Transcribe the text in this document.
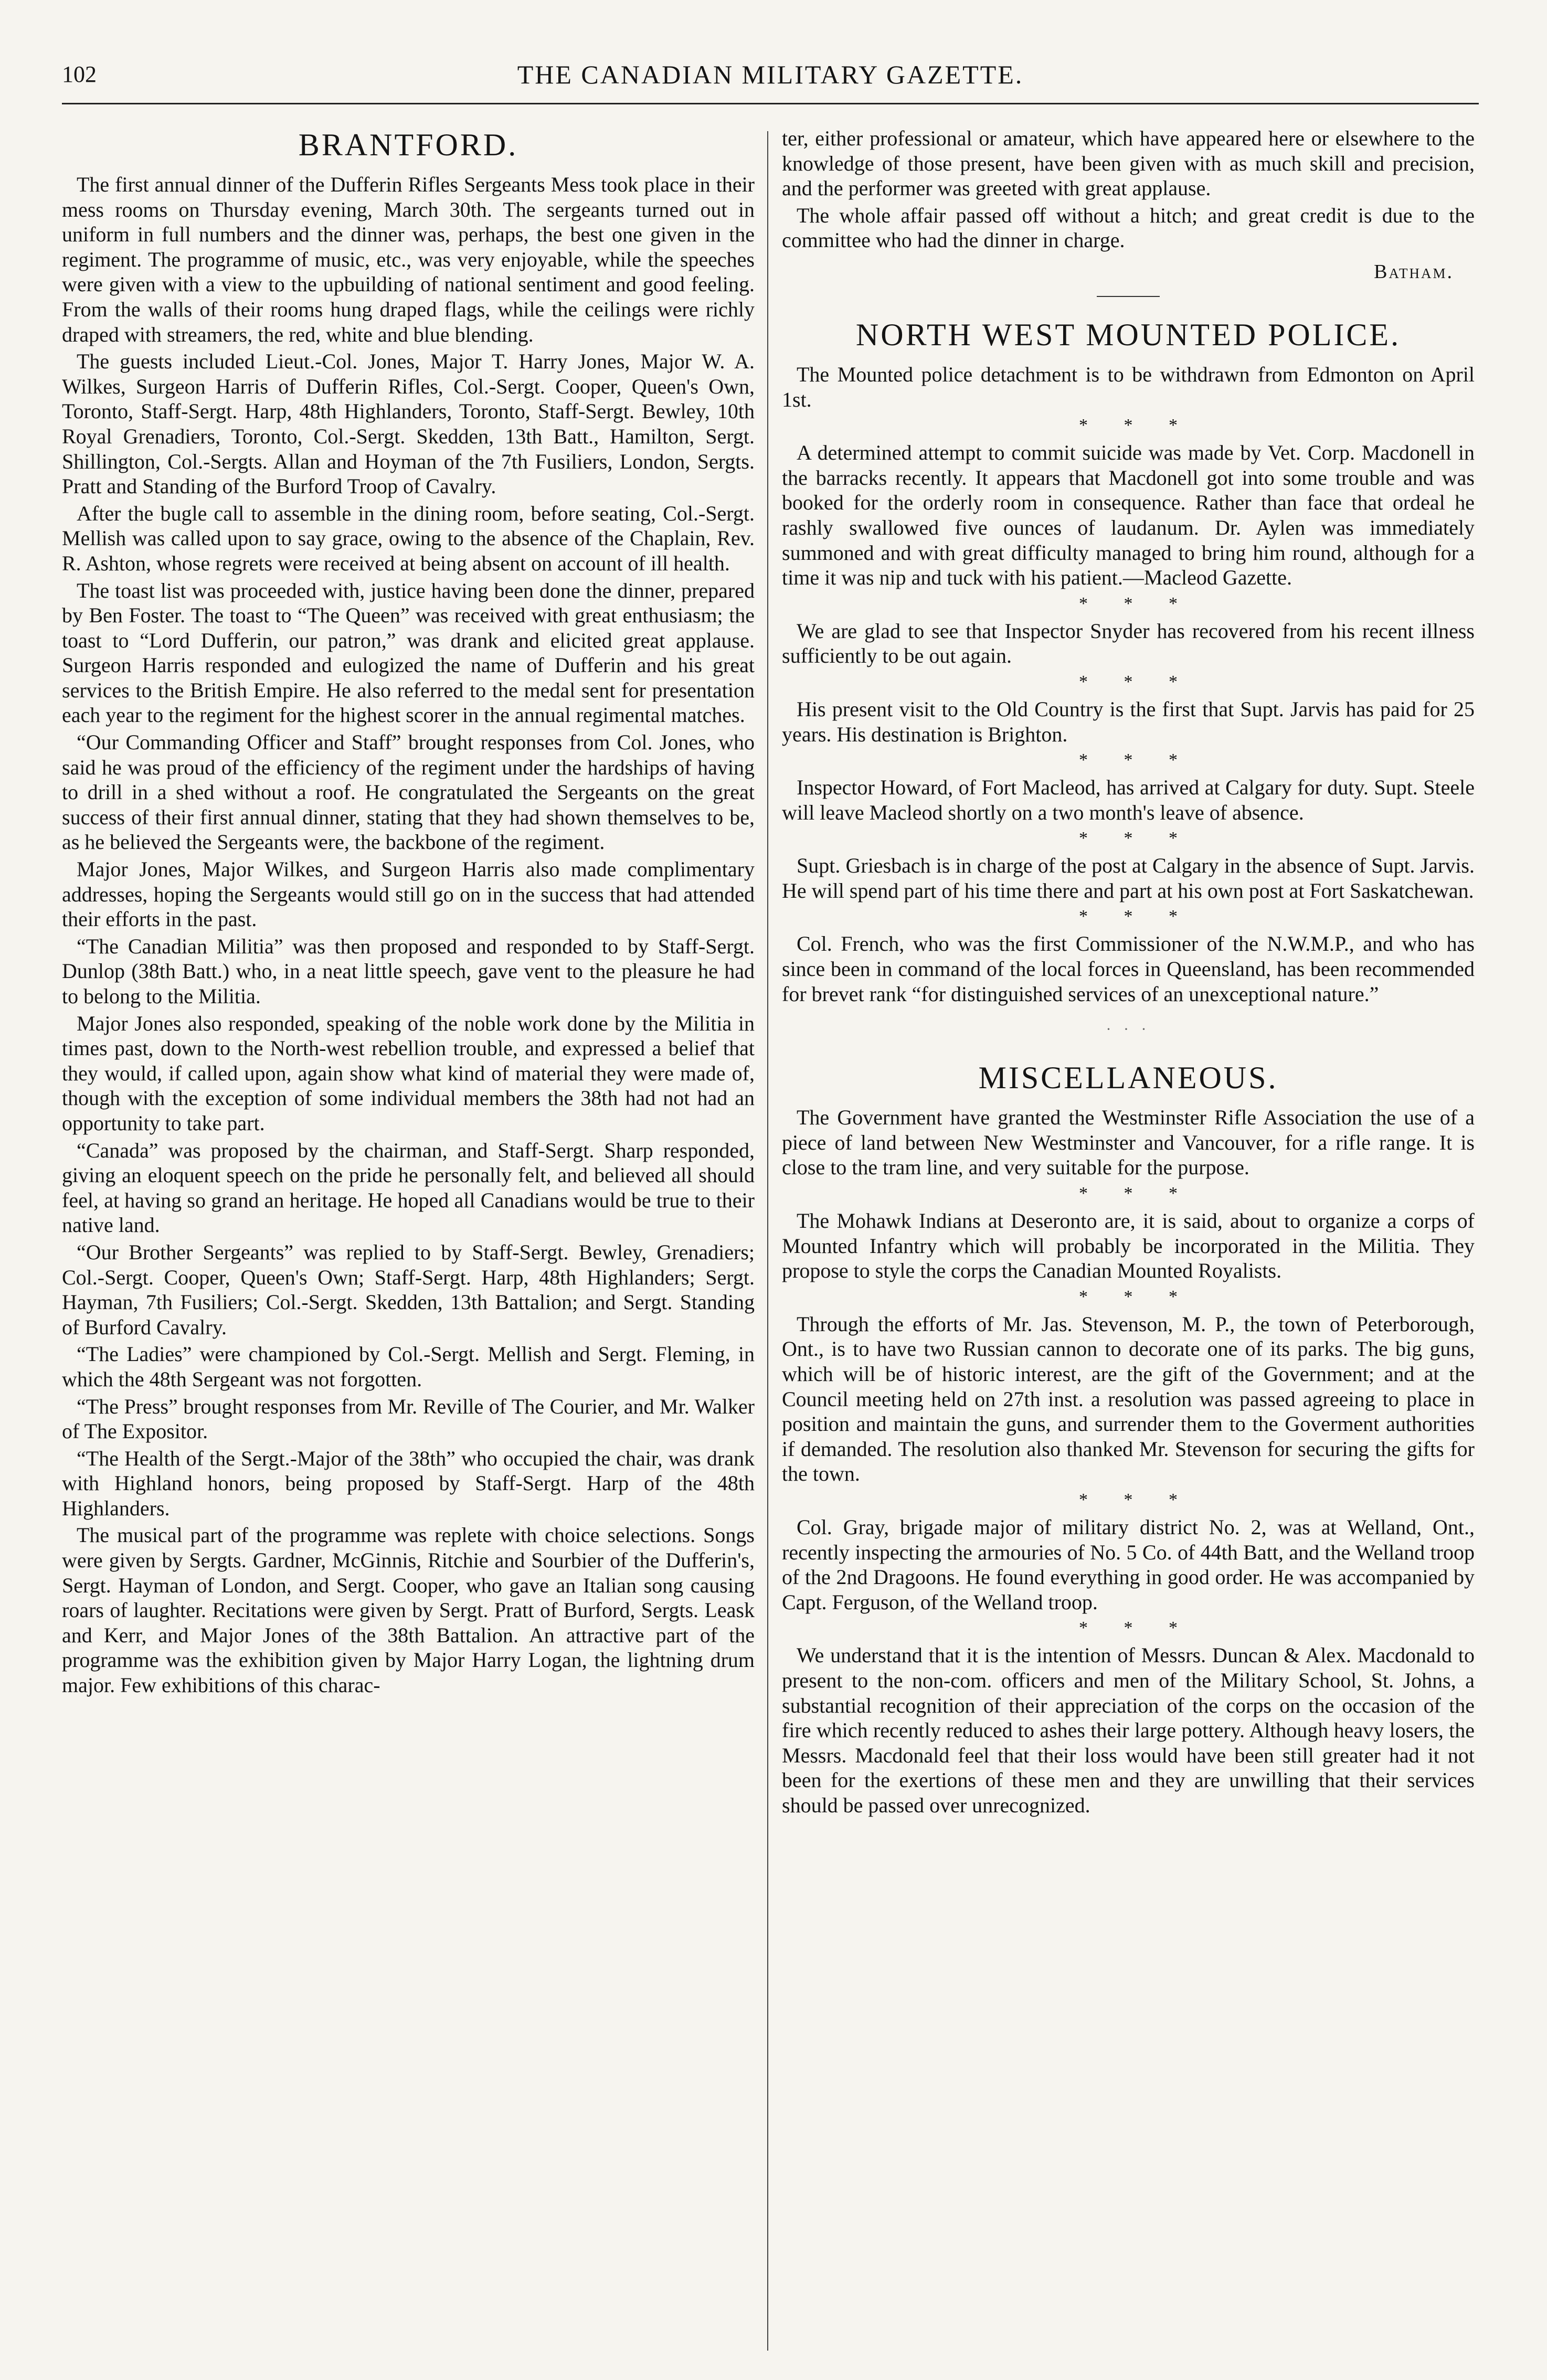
102	THE CANADIAN MILITARY GAZETTE.
BRANTFORD.

The first annual dinner of the Dufferin Rifles Sergeants Mess took place in their mess rooms on Thursday evening, March 30th. The sergeants turned out in uniform in full numbers and the dinner was, perhaps, the best one given in the regiment. The programme of music, etc., was very enjoyable, while the speeches were given with a view to the upbuilding of national sentiment and good feeling. From the walls of their rooms hung draped flags, while the ceilings were richly draped with streamers, the red, white and blue blending.

The guests included Lieut.-Col. Jones, Major T. Harry Jones, Major W. A. Wilkes, Surgeon Harris of Dufferin Rifles, Col.-Sergt. Cooper, Queen's Own, Toronto, Staff-Sergt. Harp, 48th Highlanders, Toronto, Staff-Sergt. Bewley, 10th Royal Grenadiers, Toronto, Col.-Sergt. Skedden, 13th Batt., Hamilton, Sergt. Shillington, Col.-Sergts. Allan and Hoyman of the 7th Fusiliers, London, Sergts. Pratt and Standing of the Burford Troop of Cavalry.

After the bugle call to assemble in the dining room, before seating, Col.-Sergt. Mellish was called upon to say grace, owing to the absence of the Chaplain, Rev. R. Ashton, whose regrets were received at being absent on account of ill health.

The toast list was proceeded with, justice having been done the dinner, prepared by Ben Foster. The toast to “The Queen” was received with great enthusiasm; the toast to “Lord Dufferin, our patron,” was drank and elicited great applause. Surgeon Harris responded and eulogized the name of Dufferin and his great services to the British Empire. He also referred to the medal sent for presentation each year to the regiment for the highest scorer in the annual regimental matches.

“Our Commanding Officer and Staff” brought responses from Col. Jones, who said he was proud of the efficiency of the regiment under the hardships of having to drill in a shed without a roof. He congratulated the Sergeants on the great success of their first annual dinner, stating that they had shown themselves to be, as he believed the Sergeants were, the backbone of the regiment.

Major Jones, Major Wilkes, and Surgeon Harris also made complimentary addresses, hoping the Sergeants would still go on in the success that had attended their efforts in the past.

“The Canadian Militia” was then proposed and responded to by Staff-Sergt. Dunlop (38th Batt.) who, in a neat little speech, gave vent to the pleasure he had to belong to the Militia.

Major Jones also responded, speaking of the noble work done by the Militia in times past, down to the North-west rebellion trouble, and expressed a belief that they would, if called upon, again show what kind of material they were made of, though with the exception of some individual members the 38th had not had an opportunity to take part.

“Canada” was proposed by the chairman, and Staff-Sergt. Sharp responded, giving an eloquent speech on the pride he personally felt, and believed all should feel, at having so grand an heritage. He hoped all Canadians would be true to their native land.

“Our Brother Sergeants” was replied to by Staff-Sergt. Bewley, Grenadiers; Col.-Sergt. Cooper, Queen's Own; Staff-Sergt. Harp, 48th Highlanders; Sergt. Hayman, 7th Fusiliers; Col.-Sergt. Skedden, 13th Battalion; and Sergt. Standing of Burford Cavalry.

“The Ladies” were championed by Col.-Sergt. Mellish and Sergt. Fleming, in which the 48th Sergeant was not forgotten.

“The Press” brought responses from Mr. Reville of The Courier, and Mr. Walker of The Expositor.

“The Health of the Sergt.-Major of the 38th” who occupied the chair, was drank with Highland honors, being proposed by Staff-Sergt. Harp of the 48th Highlanders.

The musical part of the programme was replete with choice selections. Songs were given by Sergts. Gardner, McGinnis, Ritchie and Sourbier of the Dufferin's, Sergt. Hayman of London, and Sergt. Cooper, who gave an Italian song causing roars of laughter. Recitations were given by Sergt. Pratt of Burford, Sergts. Leask and Kerr, and Major Jones of the 38th Battalion. An attractive part of the programme was the exhibition given by Major Harry Logan, the lightning drum major. Few exhibitions of this charac-

ter, either professional or amateur, which have appeared here or elsewhere to the knowledge of those present, have been given with as much skill and precision, and the performer was greeted with great applause.

The whole affair passed off without a hitch; and great credit is due to the committee who had the dinner in charge.

Batham.
NORTH WEST MOUNTED POLICE.

The Mounted police detachment is to be withdrawn from Edmonton on April 1st.

* * *

A determined attempt to commit suicide was made by Vet. Corp. Macdonell in the barracks recently. It appears that Macdonell got into some trouble and was booked for the orderly room in consequence. Rather than face that ordeal he rashly swallowed five ounces of laudanum. Dr. Aylen was immediately summoned and with great difficulty managed to bring him round, although for a time it was nip and tuck with his patient.—Macleod Gazette.

* * *

We are glad to see that Inspector Snyder has recovered from his recent illness sufficiently to be out again.

* * *

His present visit to the Old Country is the first that Supt. Jarvis has paid for 25 years. His destination is Brighton.

* * *

Inspector Howard, of Fort Macleod, has arrived at Calgary for duty. Supt. Steele will leave Macleod shortly on a two month's leave of absence.

* * *

Supt. Griesbach is in charge of the post at Calgary in the absence of Supt. Jarvis. He will spend part of his time there and part at his own post at Fort Saskatchewan.

* * *

Col. French, who was the first Commissioner of the N.W.M.P., and who has since been in command of the local forces in Queensland, has been recommended for brevet rank “for distinguished services of an unexceptional nature.”

· · ·
MISCELLANEOUS.

The Government have granted the Westminster Rifle Association the use of a piece of land between New Westminster and Vancouver, for a rifle range. It is close to the tram line, and very suitable for the purpose.

* * *

The Mohawk Indians at Deseronto are, it is said, about to organize a corps of Mounted Infantry which will probably be incorporated in the Militia. They propose to style the corps the Canadian Mounted Royalists.

* * *

Through the efforts of Mr. Jas. Stevenson, M. P., the town of Peterborough, Ont., is to have two Russian cannon to decorate one of its parks. The big guns, which will be of historic interest, are the gift of the Government; and at the Council meeting held on 27th inst. a resolution was passed agreeing to place in position and maintain the guns, and surrender them to the Goverment authorities if demanded. The resolution also thanked Mr. Stevenson for securing the gifts for the town.

* * *

Col. Gray, brigade major of military district No. 2, was at Welland, Ont., recently inspecting the armouries of No. 5 Co. of 44th Batt, and the Welland troop of the 2nd Dragoons. He found everything in good order. He was accompanied by Capt. Ferguson, of the Welland troop.

* * *

We understand that it is the intention of Messrs. Duncan & Alex. Macdonald to present to the non-com. officers and men of the Military School, St. Johns, a substantial recognition of their appreciation of the corps on the occasion of the fire which recently reduced to ashes their large pottery. Although heavy losers, the Messrs. Macdonald feel that their loss would have been still greater had it not been for the exertions of these men and they are unwilling that their services should be passed over unrecognized.
